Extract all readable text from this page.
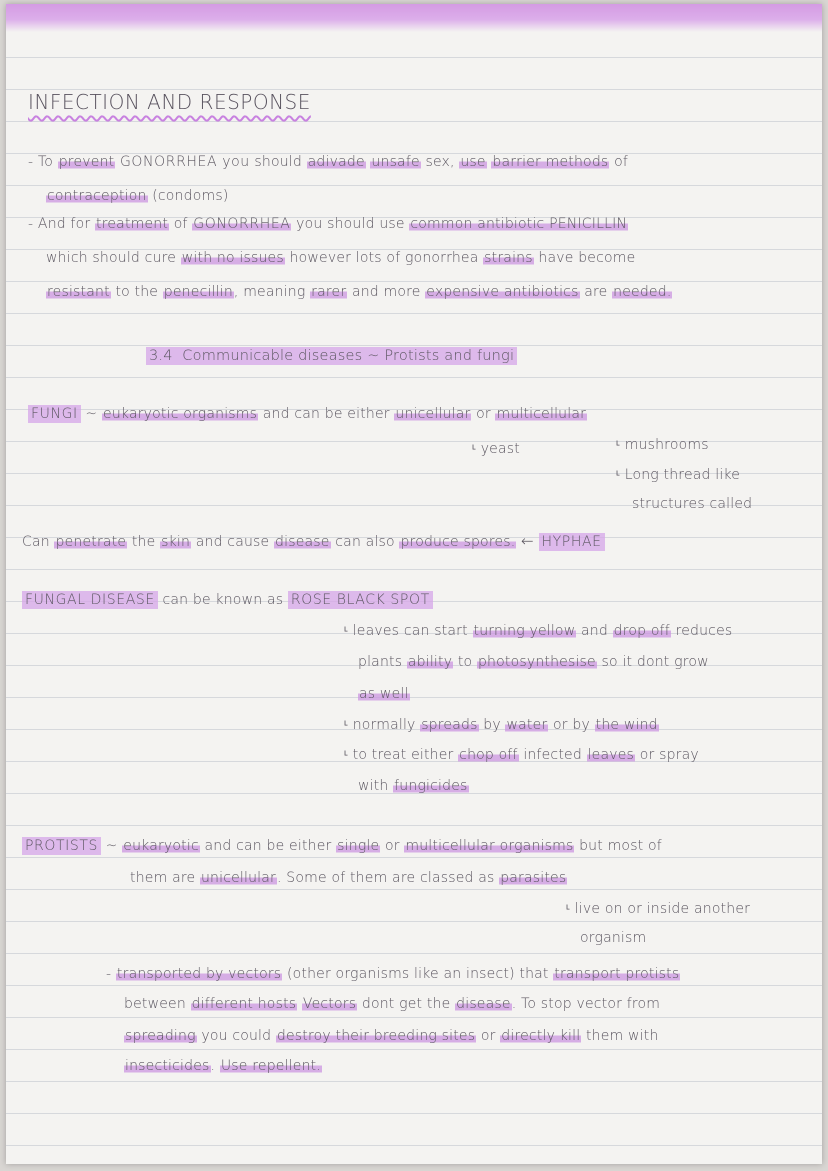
INFECTION AND RESPONSE
- To prevent GONORRHEA you should adivade unsafe sex, use barrier methods of
contraception (condoms)
- And for treatment of GONORRHEA you should use common antibiotic PENICILLIN
which should cure with no issues however lots of gonorrhea strains have become
resistant to the penecillin, meaning rarer and more expensive antibiotics are needed.
3.4 Communicable diseases ~ Protists and fungi
FUNGI ~ eukaryotic organisms and can be either unicellular or multicellular
ᶫ yeast	ᶫ mushrooms
ᶫ Long thread like
structures called
Can penetrate the skin and cause disease can also produce spores. ← HYPHAE
FUNGAL DISEASE can be known as ROSE BLACK SPOT
ᶫ leaves can start turning yellow and drop off reduces
plants ability to photosynthesise so it dont grow
as well
ᶫ normally spreads by water or by the wind
ᶫ to treat either chop off infected leaves or spray
with fungicides
PROTISTS ~ eukaryotic and can be either single or multicellular organisms but most of
them are unicellular. Some of them are classed as parasites
ᶫ live on or inside another
organism
- transported by vectors (other organisms like an insect) that transport protists
between different hosts Vectors dont get the disease. To stop vector from
spreading you could destroy their breeding sites or directly kill them with
insecticides. Use repellent.
